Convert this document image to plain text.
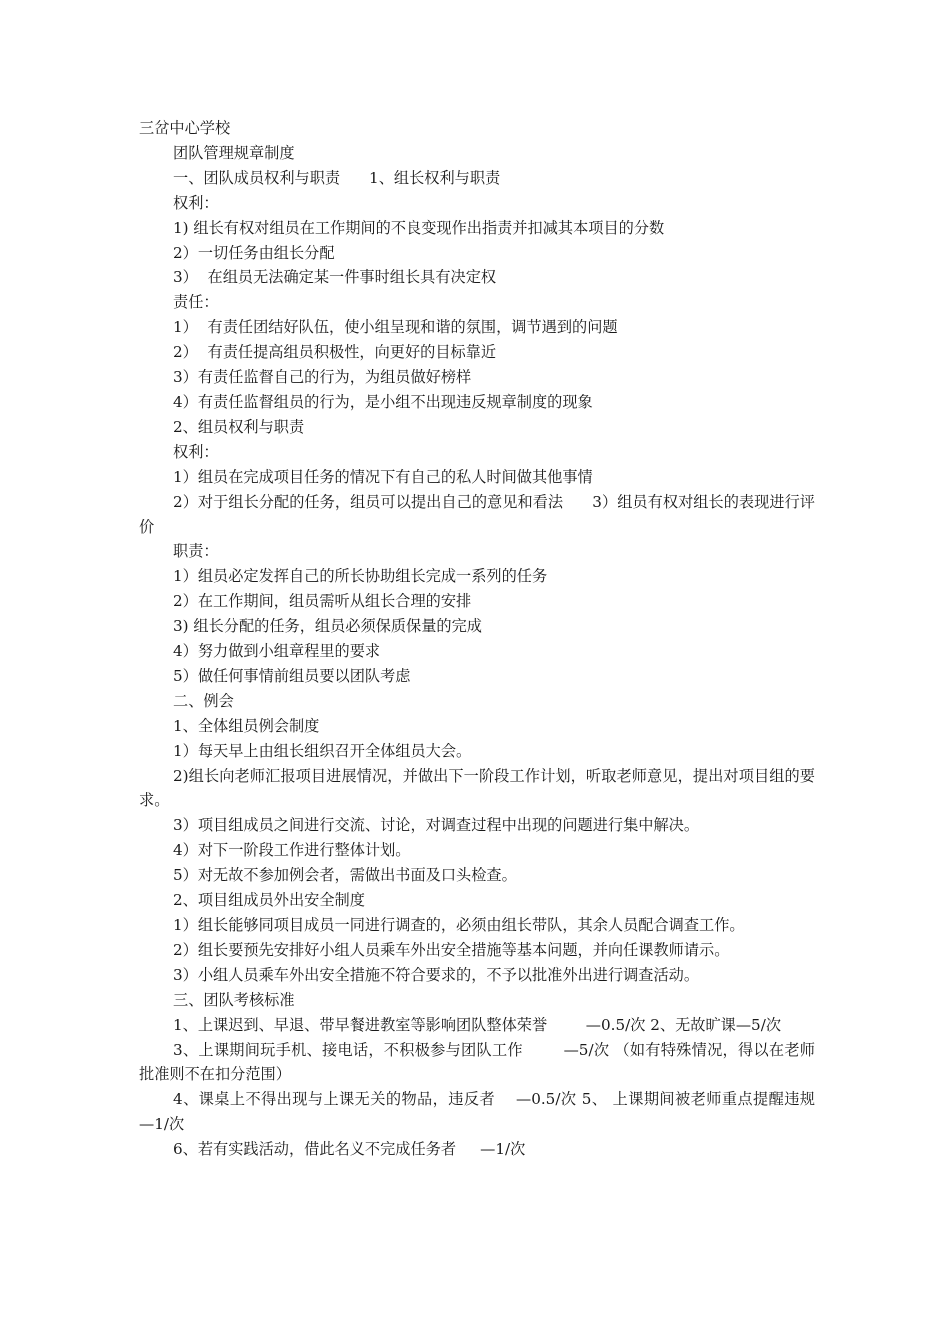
三岔中心学校

团队管理规章制度

一、团队成员权利与职责      1、组长权利与职责

权利：

1) 组长有权对组员在工作期间的不良变现作出指责并扣减其本项目的分数

2）一切任务由组长分配

3）  在组员无法确定某一件事时组长具有决定权

责任：

1）  有责任团结好队伍，使小组呈现和谐的氛围，调节遇到的问题

2）  有责任提高组员积极性，向更好的目标靠近

3）有责任监督自己的行为，为组员做好榜样

4）有责任监督组员的行为，是小组不出现违反规章制度的现象

2、组员权利与职责

权利：

1）组员在完成项目任务的情况下有自己的私人时间做其他事情

2）对于组长分配的任务，组员可以提出自己的意见和看法      3）组员有权对组长的表现进行评价

职责：

1）组员必定发挥自己的所长协助组长完成一系列的任务

2）在工作期间，组员需听从组长合理的安排

3) 组长分配的任务，组员必须保质保量的完成

4）努力做到小组章程里的要求

5）做任何事情前组员要以团队考虑

二、例会

1、全体组员例会制度

1）每天早上由组长组织召开全体组员大会。

2)组长向老师汇报项目进展情况，并做出下一阶段工作计划，听取老师意见，提出对项目组的要求。

3）项目组成员之间进行交流、讨论，对调查过程中出现的问题进行集中解决。

4）对下一阶段工作进行整体计划。

5）对无故不参加例会者，需做出书面及口头检查。

2、项目组成员外出安全制度

1）组长能够同项目成员一同进行调查的，必须由组长带队，其余人员配合调查工作。

2）组长要预先安排好小组人员乘车外出安全措施等基本问题，并向任课教师请示。

3）小组人员乘车外出安全措施不符合要求的，不予以批准外出进行调查活动。

三、团队考核标准

1、上课迟到、早退、带早餐进教室等影响团队整体荣誉        —0.5/次 2、无故旷课—5/次

3、上课期间玩手机、接电话，不积极参与团队工作        —5/次 （如有特殊情况，得以在老师批准则不在扣分范围）

4、课桌上不得出现与上课无关的物品，违反者    —0.5/次 5、 上课期间被老师重点提醒违规        —1/次

6、若有实践活动，借此名义不完成任务者     —1/次
